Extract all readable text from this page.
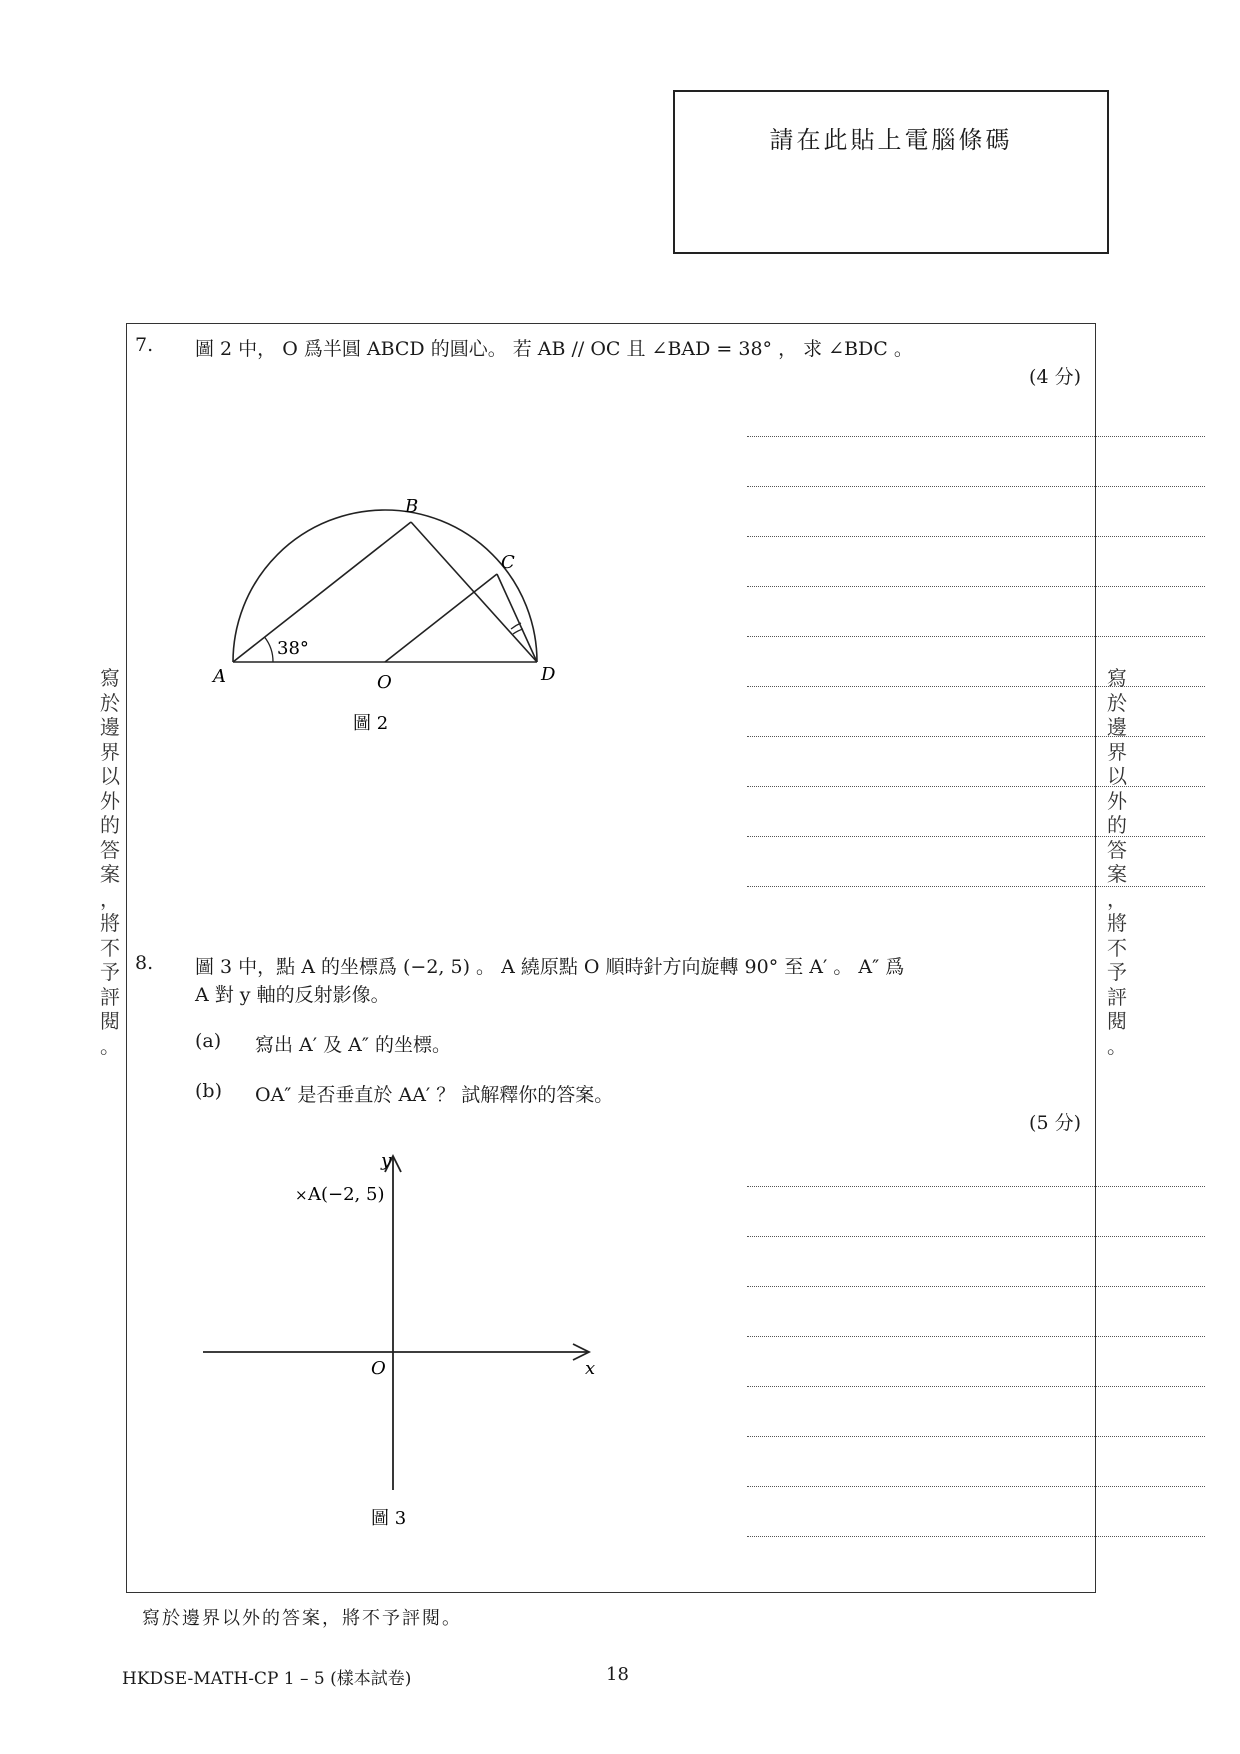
請在此貼上電腦條碼
寫
於
邊
界
以
外
的
答
案
，
將
不
予
評
閱
。
寫
於
邊
界
以
外
的
答
案
，
將
不
予
評
閱
。
7. 圖 2 中， O 爲半圓 ABCD 的圓心。 若 AB // OC 且 ∠BAD = 38° ， 求 ∠BDC 。
(4 分)
38°
A
B
C
D
O
圖 2
8. 圖 3 中，點 A 的坐標爲 (−2, 5) 。 A 繞原點 O 順時針方向旋轉 90° 至 A′ 。 A″ 爲
A 對 y 軸的反射影像。
(a) 寫出 A′ 及 A″ 的坐標。
(b) OA″ 是否垂直於 AA′ ？ 試解釋你的答案。
(5 分)
y
x
O
× A(−2, 5)
圖 3
寫於邊界以外的答案，將不予評閱。
HKDSE-MATH-CP 1 – 5 (樣本試卷)	18
